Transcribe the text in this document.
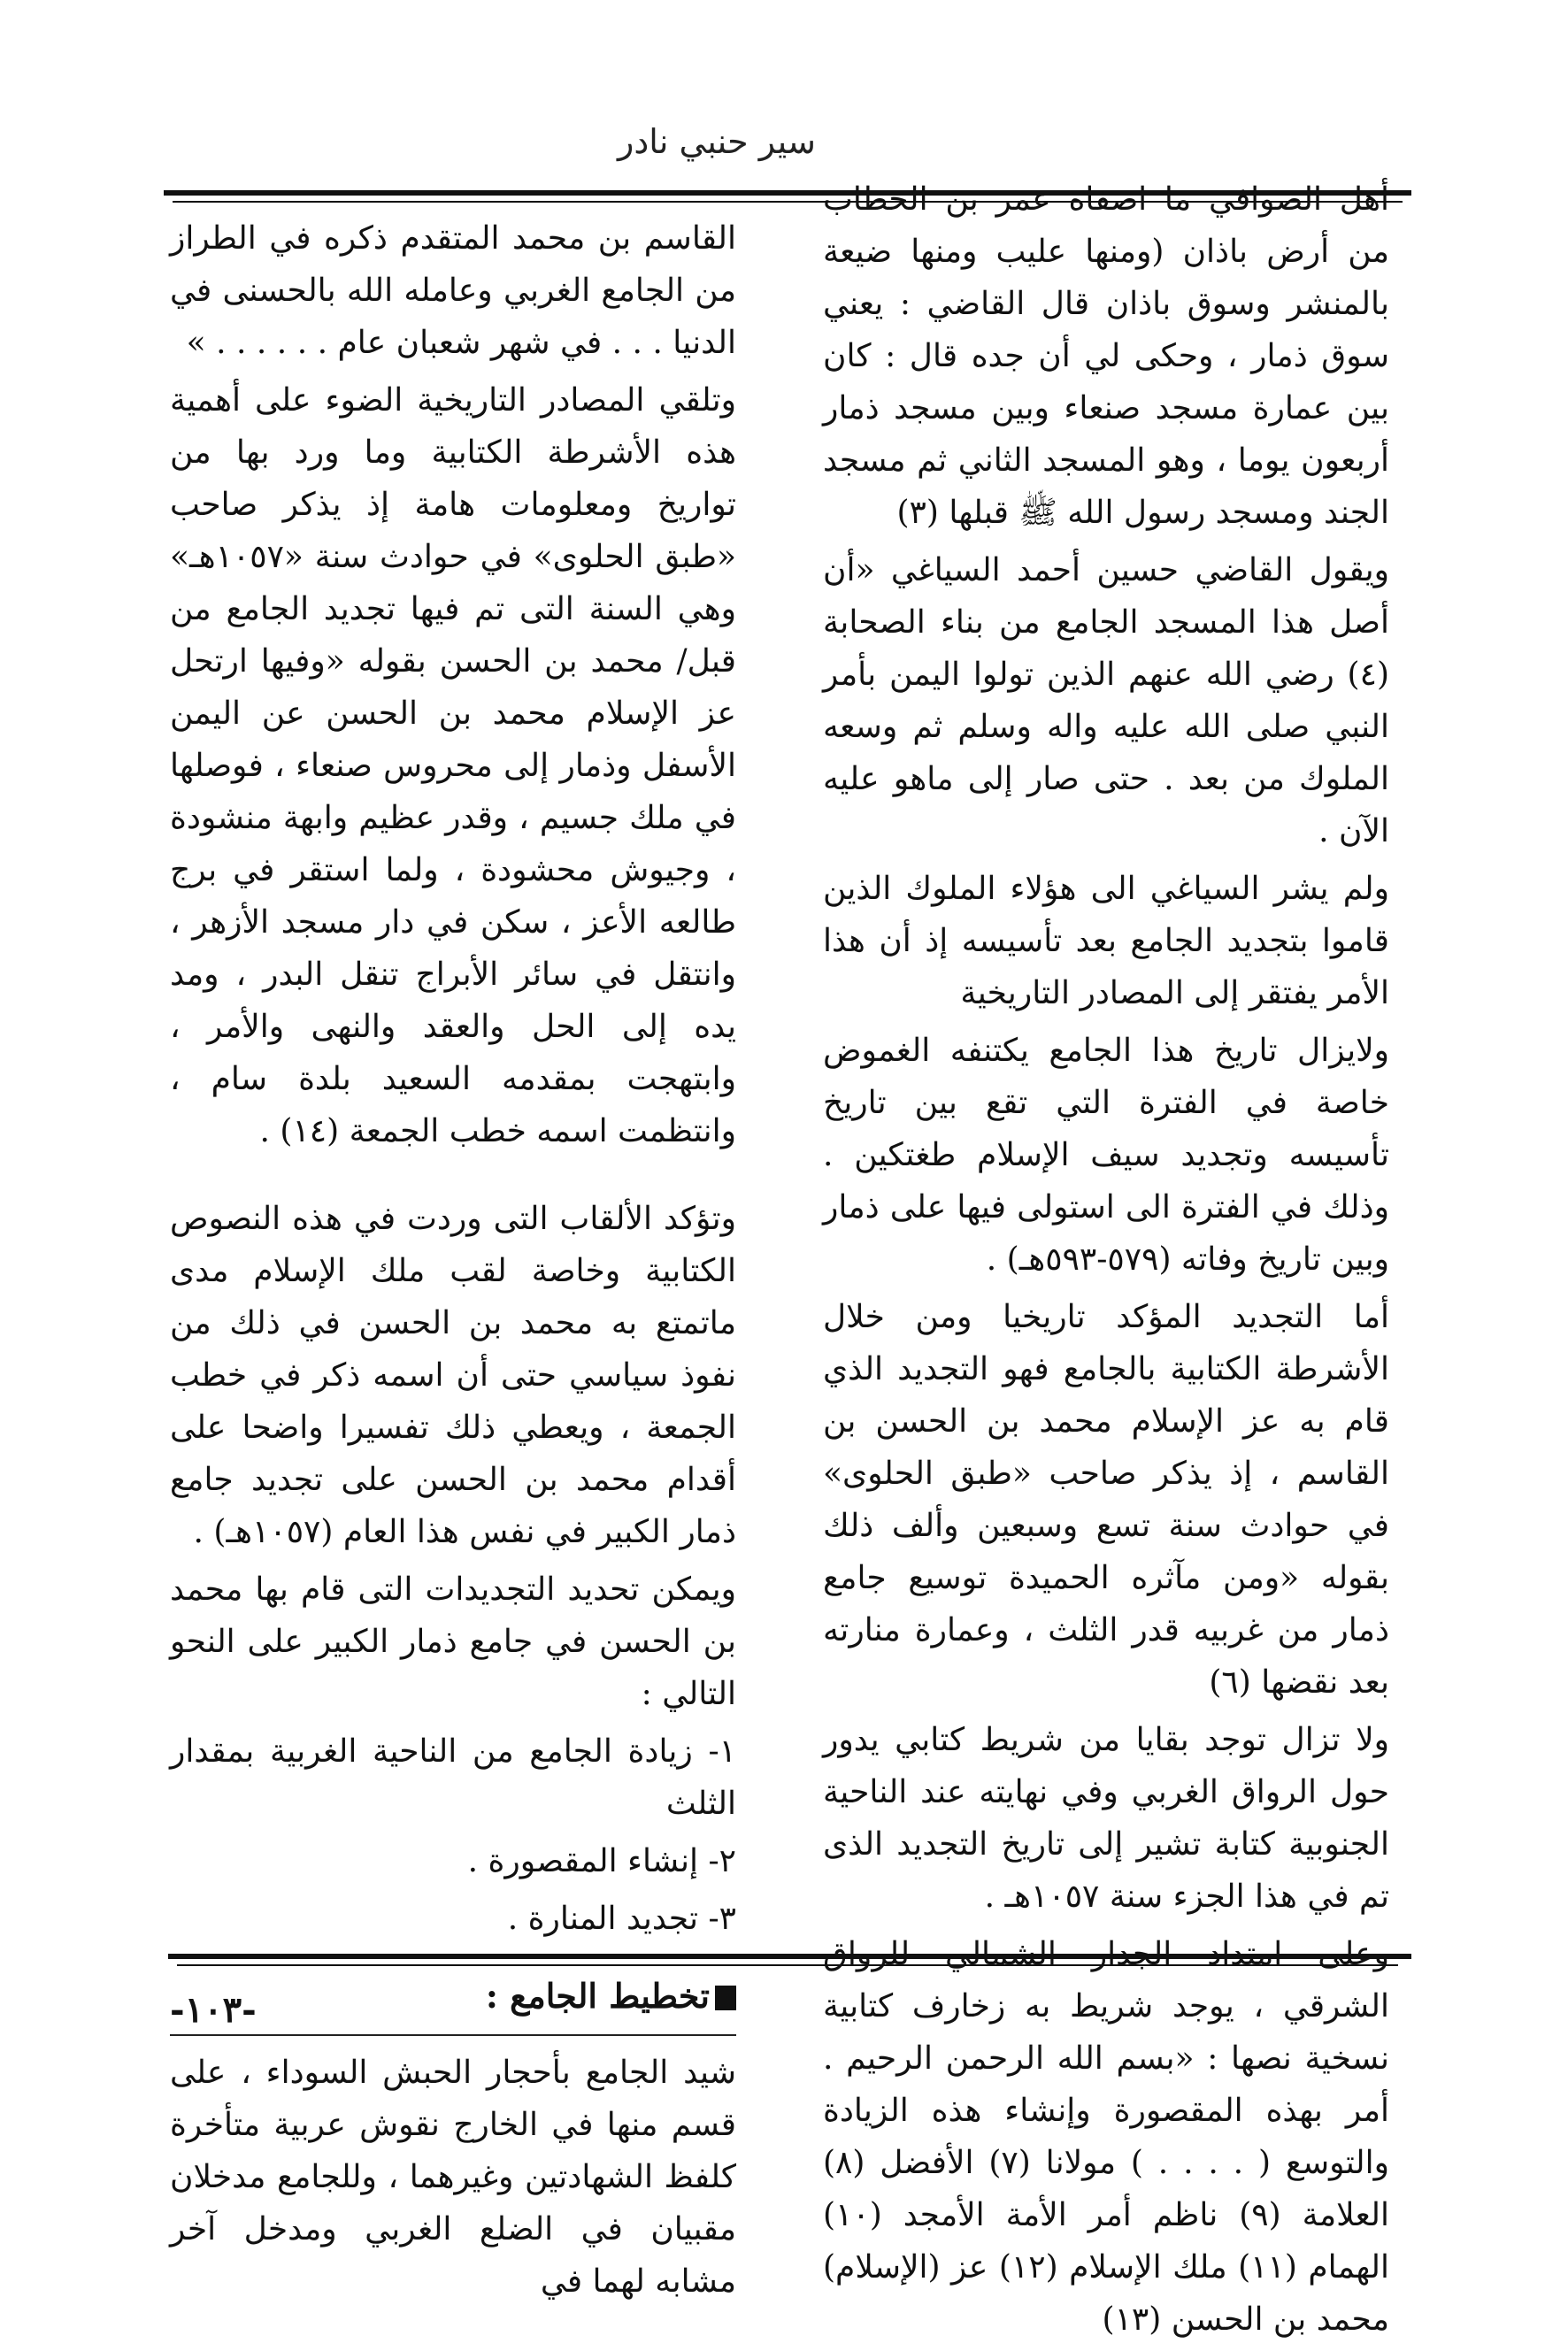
سير حنبي نادر

أهل الصوافي ما اصفاه عمر بن الخطاب من أرض باذان (ومنها عليب ومنها ضيعة بالمنشر وسوق باذان قال القاضي : يعني سوق ذمار ، وحكى لي أن جده قال : كان بين عمارة مسجد صنعاء وبين مسجد ذمار أربعون يوما ، وهو المسجد الثاني ثم مسجد الجند ومسجد رسول الله ﷺ قبلها (٣)

ويقول القاضي حسين أحمد السياغي «أن أصل هذا المسجد الجامع من بناء الصحابة (٤) رضي الله عنهم الذين تولوا اليمن بأمر النبي صلى الله عليه واله وسلم ثم وسعه الملوك من بعد . حتى صار إلى ماهو عليه الآن .

ولم يشر السياغي الى هؤلاء الملوك الذين قاموا بتجديد الجامع بعد تأسيسه إذ أن هذا الأمر يفتقر إلى المصادر التاريخية

ولايزال تاريخ هذا الجامع يكتنفه الغموض خاصة في الفترة التي تقع بين تاريخ تأسيسه وتجديد سيف الإسلام طغتكين . وذلك في الفترة الى استولى فيها على ذمار وبين تاريخ وفاته (٥٧٩-٥٩٣هـ) .

أما التجديد المؤكد تاريخيا ومن خلال الأشرطة الكتابية بالجامع فهو التجديد الذي قام به عز الإسلام محمد بن الحسن بن القاسم ، إذ يذكر صاحب «طبق الحلوى» في حوادث سنة تسع وسبعين وألف ذلك بقوله «ومن مآثره الحميدة توسيع جامع ذمار من غربيه قدر الثلث ، وعمارة منارته بعد نقضها (٦)

ولا تزال توجد بقايا من شريط كتابي يدور حول الرواق الغربي وفي نهايته عند الناحية الجنوبية كتابة تشير إلى تاريخ التجديد الذى تم في هذا الجزء سنة ١٠٥٧هـ .

الشرقي ، يوجد شريط به زخارف كتابية نسخية نصها : «بسم الله الرحمن الرحيم . أمر بهذه المقصورة وإنشاء هذه الزيادة والتوسع ( . . . . ) مولانا (٧) الأفضل (٨) العلامة (٩) ناظم أمر الأمة الأمجد (١٠) الهمام (١١) ملك الإسلام (١٢) عز (الإسلام) محمد بن الحسن (١٣)

القاسم بن محمد المتقدم ذكره في الطراز من الجامع الغربي وعامله الله بالحسنى في الدنيا . . . في شهر شعبان عام . . . . . . »

وتلقي المصادر التاريخية الضوء على أهمية هذه الأشرطة الكتابية وما ورد بها من تواريخ ومعلومات هامة إذ يذكر صاحب «طبق الحلوى» في حوادث سنة «١٠٥٧هـ» وهي السنة التى تم فيها تجديد الجامع من قبل/ محمد بن الحسن بقوله «وفيها ارتحل عز الإسلام محمد بن الحسن عن اليمن الأسفل وذمار إلى محروس صنعاء ، فوصلها في ملك جسيم ، وقدر عظيم وابهة منشودة ، وجيوش محشودة ، ولما استقر في برج طالعه الأعز ، سكن في دار مسجد الأزهر ، وانتقل في سائر الأبراج تنقل البدر ، ومد يده إلى الحل والعقد والنهى والأمر ، وابتهجت بمقدمه السعيد بلدة سام ، وانتظمت اسمه خطب الجمعة (١٤) .

وتؤكد الألقاب التى وردت في هذه النصوص الكتابية وخاصة لقب ملك الإسلام مدى ماتمتع به محمد بن الحسن في ذلك من نفوذ سياسي حتى أن اسمه ذكر في خطب الجمعة ، ويعطي ذلك تفسيرا واضحا على أقدام محمد بن الحسن على تجديد جامع ذمار الكبير في نفس هذا العام (١٠٥٧هـ) .

ويمكن تحديد التجديدات التى قام بها محمد بن الحسن في جامع ذمار الكبير على النحو التالي :

١- زيادة الجامع من الناحية الغربية بمقدار الثلث

٢- إنشاء المقصورة .

٣- تجديد المنارة .

تخطيط الجامع :

شيد الجامع بأحجار الحبش السوداء ، على قسم منها في الخارج نقوش عربية متأخرة كلفظ الشهادتين وغيرهما ، وللجامع مدخلان مقبيان في الضلع الغربي ومدخل آخر مشابه لهما في

-١٠٣-
